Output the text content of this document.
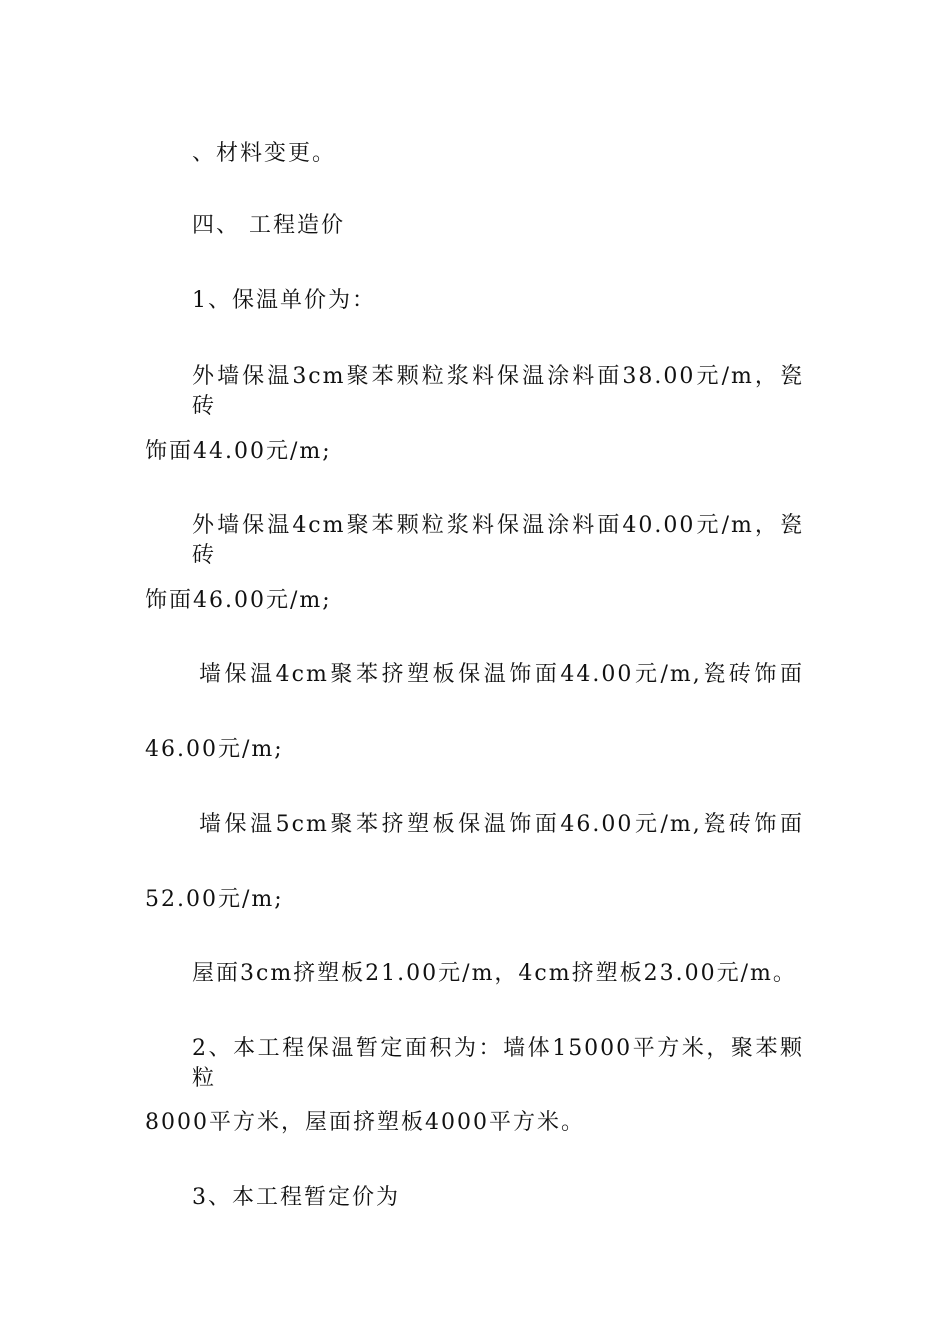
、材料变更。
四、 工程造价
1、保温单价为：
外墙保温3cm聚苯颗粒浆料保温涂料面38.00元/m，瓷砖
饰面44.00元/m;
外墙保温4cm聚苯颗粒浆料保温涂料面40.00元/m，瓷砖
饰面46.00元/m;
墙保温4cm聚苯挤塑板保温饰面44.00元/m,瓷砖饰面
46.00元/m;
墙保温5cm聚苯挤塑板保温饰面46.00元/m,瓷砖饰面
52.00元/m;
屋面3cm挤塑板21.00元/m，4cm挤塑板23.00元/m。
2、本工程保温暂定面积为：墙体15000平方米，聚苯颗粒
8000平方米，屋面挤塑板4000平方米。
3、本工程暂定价为
